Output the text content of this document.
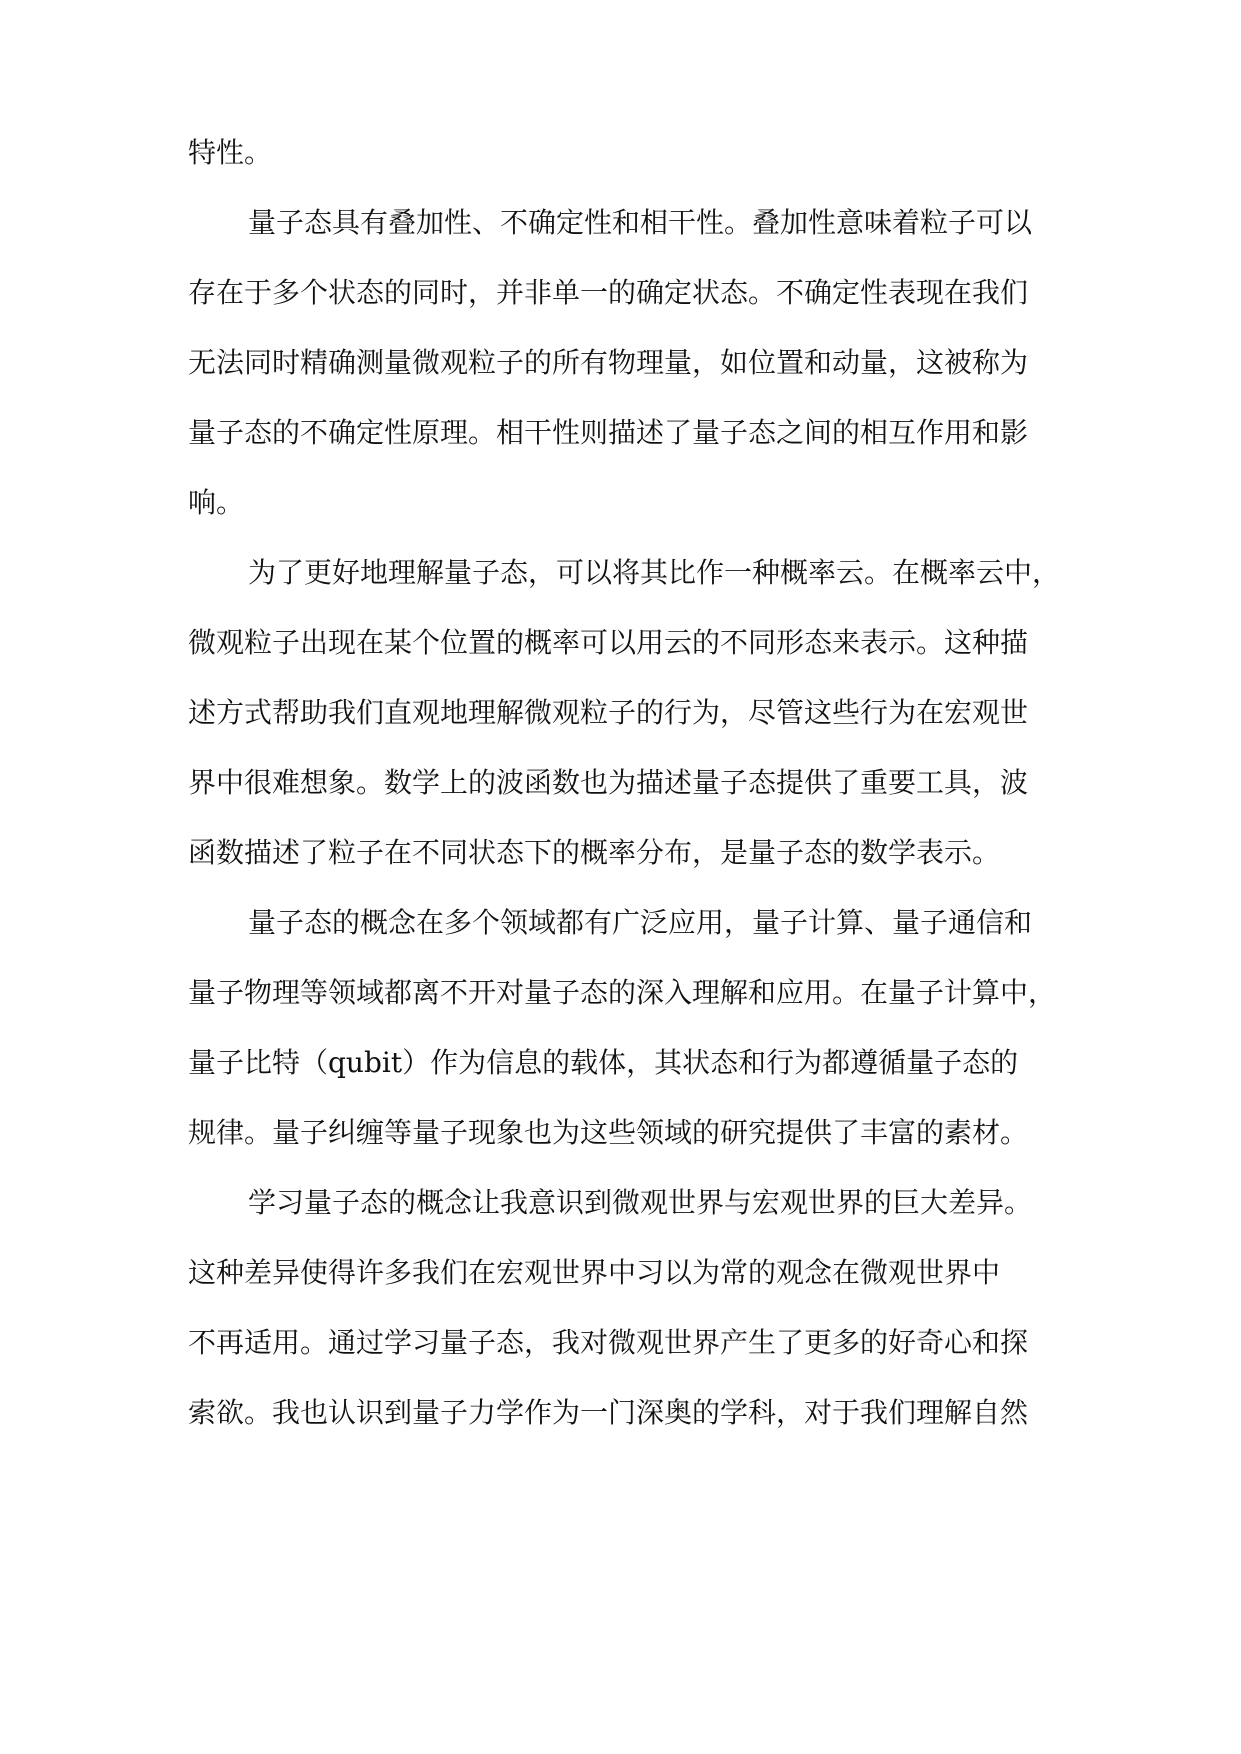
特性。
量子态具有叠加性、不确定性和相干性。叠加性意味着粒子可以
存在于多个状态的同时，并非单一的确定状态。不确定性表现在我们
无法同时精确测量微观粒子的所有物理量，如位置和动量，这被称为
量子态的不确定性原理。相干性则描述了量子态之间的相互作用和影
响。
为了更好地理解量子态，可以将其比作一种概率云。在概率云中，
微观粒子出现在某个位置的概率可以用云的不同形态来表示。这种描
述方式帮助我们直观地理解微观粒子的行为，尽管这些行为在宏观世
界中很难想象。数学上的波函数也为描述量子态提供了重要工具，波
函数描述了粒子在不同状态下的概率分布，是量子态的数学表示。
量子态的概念在多个领域都有广泛应用，量子计算、量子通信和
量子物理等领域都离不开对量子态的深入理解和应用。在量子计算中，
量子比特（qubit）作为信息的载体，其状态和行为都遵循量子态的
规律。量子纠缠等量子现象也为这些领域的研究提供了丰富的素材。
学习量子态的概念让我意识到微观世界与宏观世界的巨大差异。
这种差异使得许多我们在宏观世界中习以为常的观念在微观世界中
不再适用。通过学习量子态，我对微观世界产生了更多的好奇心和探
索欲。我也认识到量子力学作为一门深奥的学科，对于我们理解自然
